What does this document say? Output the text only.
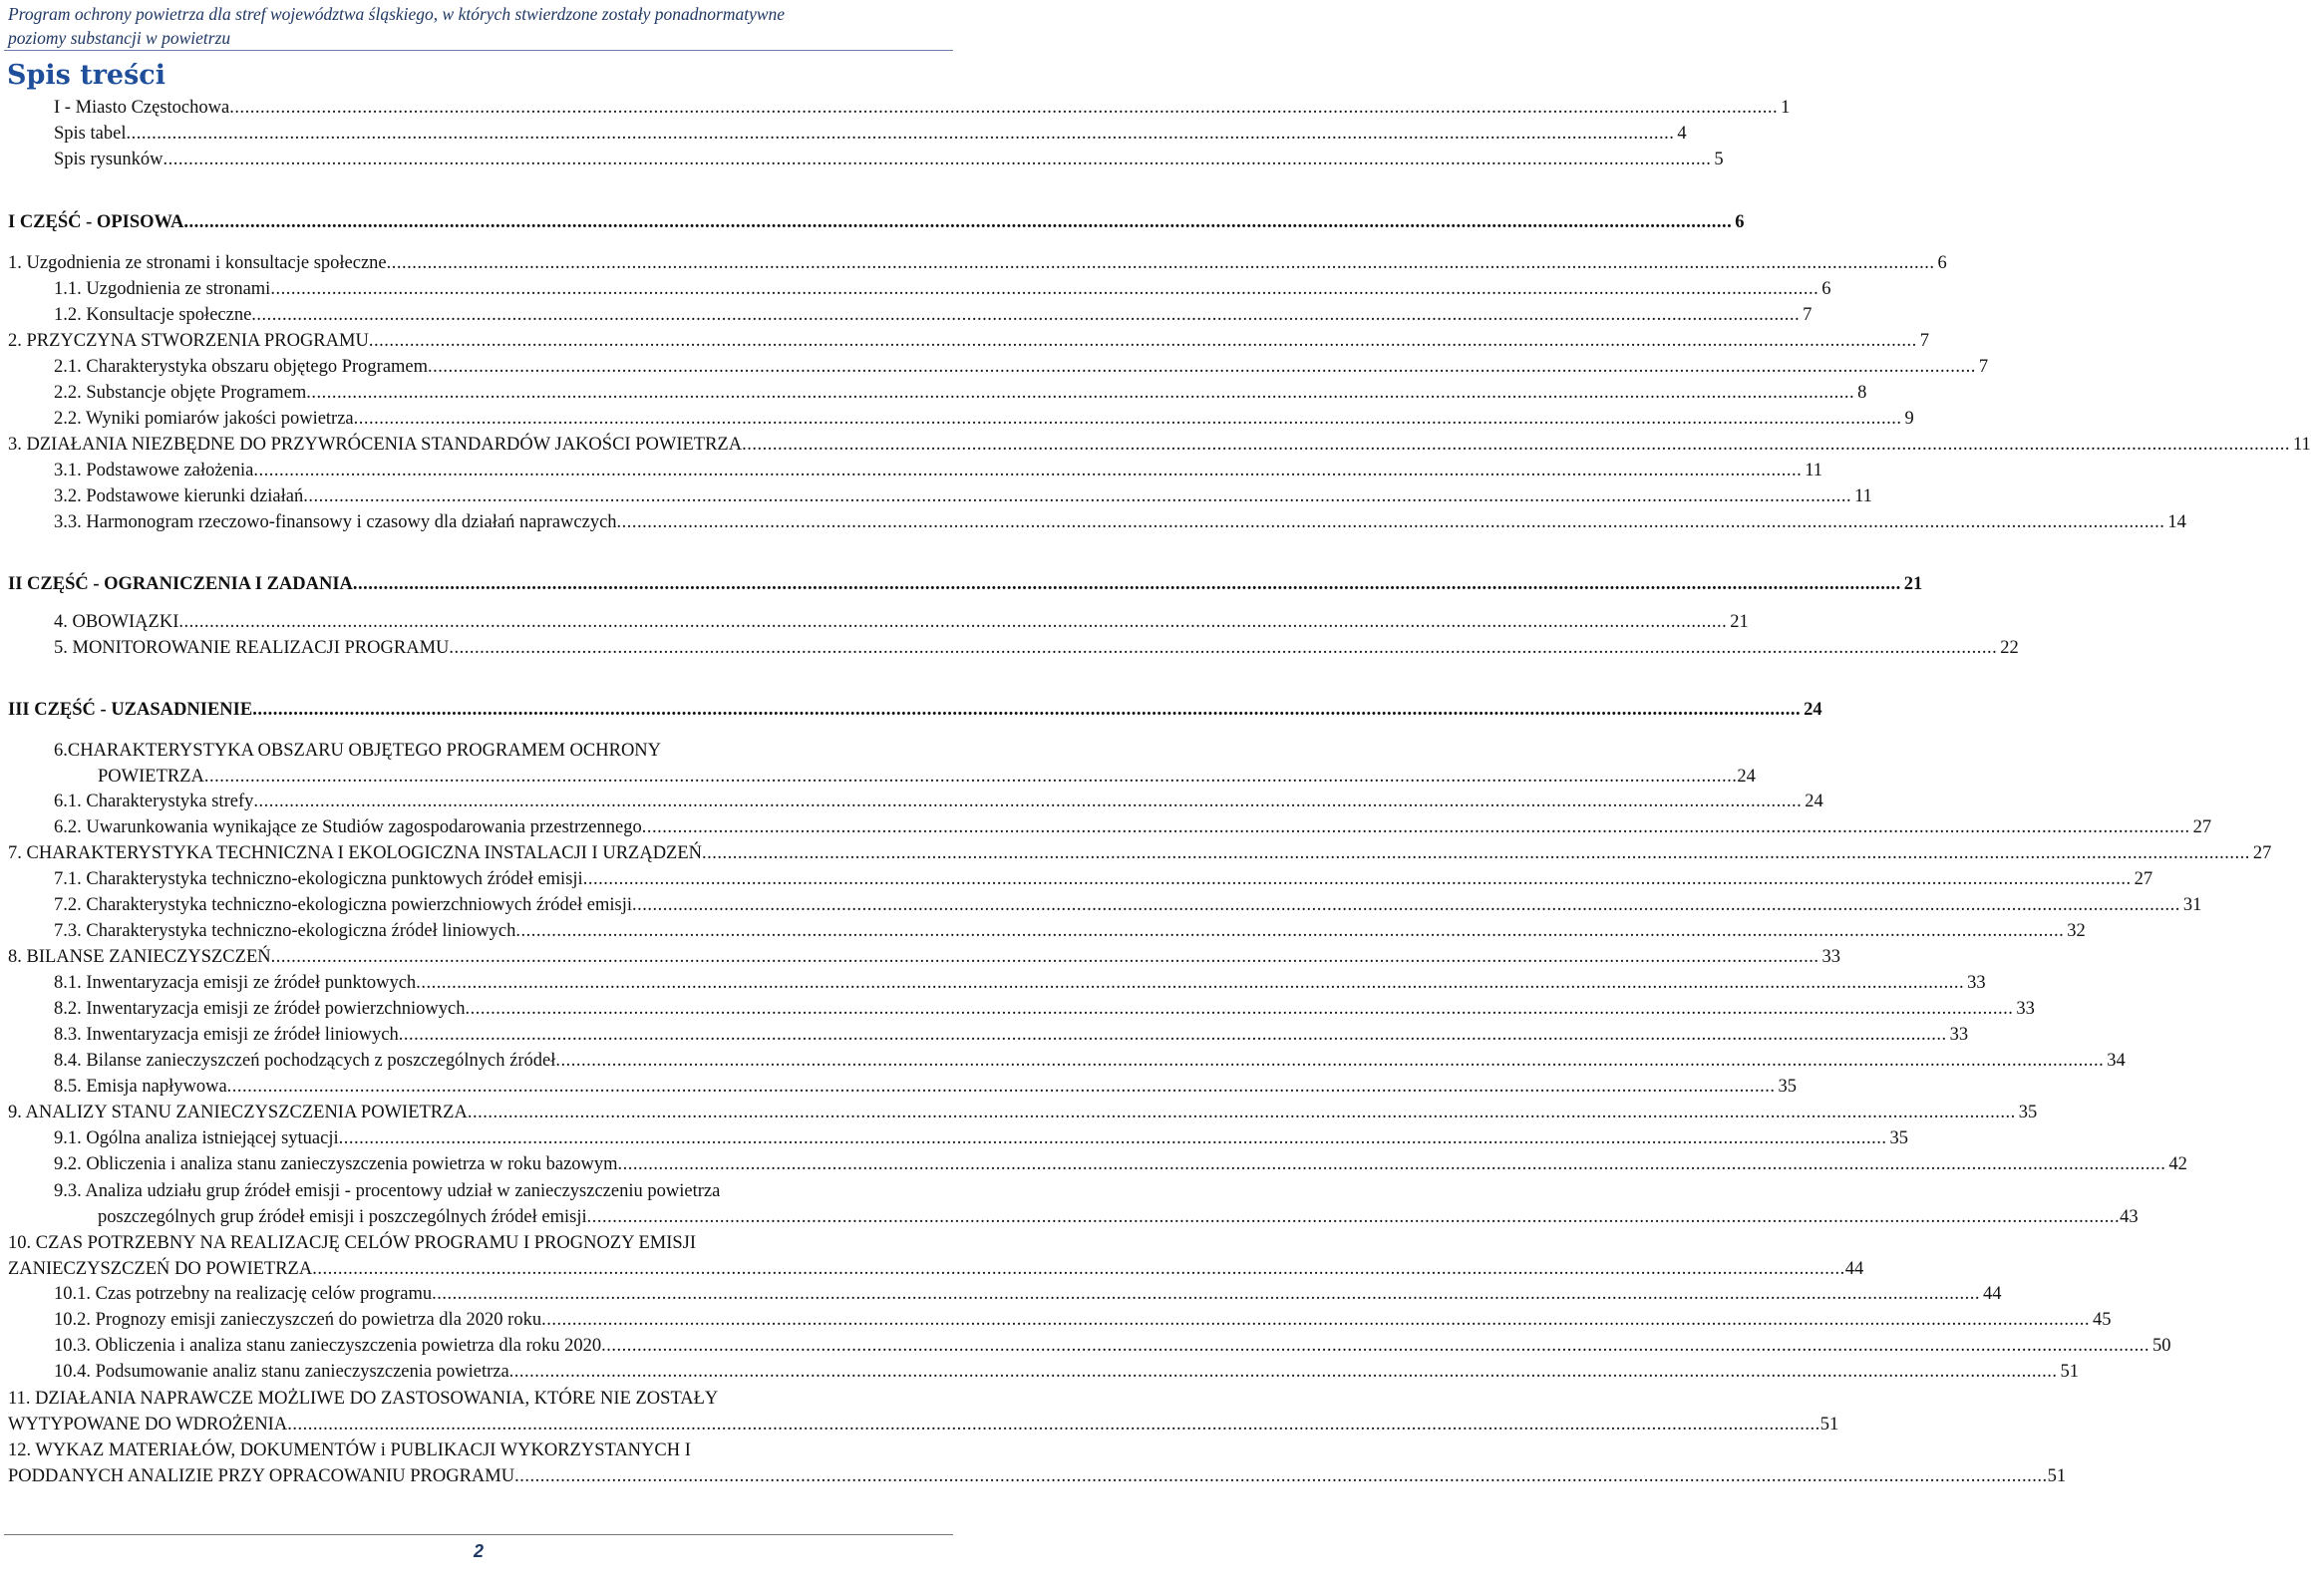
Program ochrony powietrza dla stref województwa śląskiego, w których stwierdzone zostały ponadnormatywne
poziomy substancji w powietrzu
Spis treści
I - Miasto Częstochowa .....	1
Spis tabel .....	4
Spis rysunków .....	5
I CZĘŚĆ - OPISOWA .....	6
1. Uzgodnienia ze stronami i konsultacje społeczne .....	6
1.1. Uzgodnienia ze stronami .....	6
1.2. Konsultacje społeczne .....	7
2. PRZYCZYNA STWORZENIA PROGRAMU .....	7
2.1. Charakterystyka obszaru objętego Programem .....	7
2.2. Substancje objęte Programem .....	8
2.2. Wyniki pomiarów jakości powietrza .....	9
3. DZIAŁANIA NIEZBĘDNE DO PRZYWRÓCENIA STANDARDÓW JAKOŚCI POWIETRZA .....	11
3.1. Podstawowe założenia .....	11
3.2. Podstawowe kierunki działań .....	11
3.3. Harmonogram rzeczowo-finansowy i czasowy dla działań naprawczych .....	14
II CZĘŚĆ - OGRANICZENIA I ZADANIA .....	21
4. OBOWIĄZKI .....	21
5. MONITOROWANIE REALIZACJI PROGRAMU .....	22
III CZĘŚĆ - UZASADNIENIE .....	24
6.CHARAKTERYSTYKA OBSZARU OBJĘTEGO PROGRAMEM OCHRONY
POWIETRZA ............................................................................................................................................................................................................................................................................................................ 24
6.1. Charakterystyka strefy .....	24
6.2. Uwarunkowania wynikające ze Studiów zagospodarowania przestrzennego .....	27
7. CHARAKTERYSTYKA TECHNICZNA I EKOLOGICZNA INSTALACJI I URZĄDZEŃ .....	27
7.1. Charakterystyka techniczno-ekologiczna punktowych źródeł emisji .....	27
7.2. Charakterystyka techniczno-ekologiczna powierzchniowych źródeł emisji .....	31
7.3. Charakterystyka techniczno-ekologiczna źródeł liniowych .....	32
8. BILANSE ZANIECZYSZCZEŃ .....	33
8.1. Inwentaryzacja emisji ze źródeł punktowych .....	33
8.2. Inwentaryzacja emisji ze źródeł powierzchniowych .....	33
8.3. Inwentaryzacja emisji ze źródeł liniowych .....	33
8.4. Bilanse zanieczyszczeń pochodzących z poszczególnych źródeł .....	34
8.5. Emisja napływowa .....	35
9. ANALIZY STANU ZANIECZYSZCZENIA POWIETRZA .....	35
9.1. Ogólna analiza istniejącej sytuacji .....	35
9.2. Obliczenia i analiza stanu zanieczyszczenia powietrza w roku bazowym .....	42
9.3. Analiza udziału grup źródeł emisji - procentowy udział w zanieczyszczeniu powietrza
poszczególnych grup źródeł emisji i poszczególnych źródeł emisji ............................................................................................................................................................................................................................................................................................................ 43
10. CZAS POTRZEBNY NA REALIZACJĘ CELÓW PROGRAMU I PROGNOZY EMISJI
ZANIECZYSZCZEŃ DO POWIETRZA ............................................................................................................................................................................................................................................................................................................ 44
10.1. Czas potrzebny na realizację celów programu .....	44
10.2. Prognozy emisji zanieczyszczeń do powietrza dla 2020 roku .....	45
10.3. Obliczenia i analiza stanu zanieczyszczenia powietrza dla roku 2020 .....	50
10.4. Podsumowanie analiz stanu zanieczyszczenia powietrza .....	51
11. DZIAŁANIA NAPRAWCZE MOŻLIWE DO ZASTOSOWANIA, KTÓRE NIE ZOSTAŁY
WYTYPOWANE DO WDROŻENIA ............................................................................................................................................................................................................................................................................................................ 51
12. WYKAZ MATERIAŁÓW, DOKUMENTÓW i PUBLIKACJI WYKORZYSTANYCH I
PODDANYCH ANALIZIE PRZY OPRACOWANIU PROGRAMU ............................................................................................................................................................................................................................................................................................................ 51
2
